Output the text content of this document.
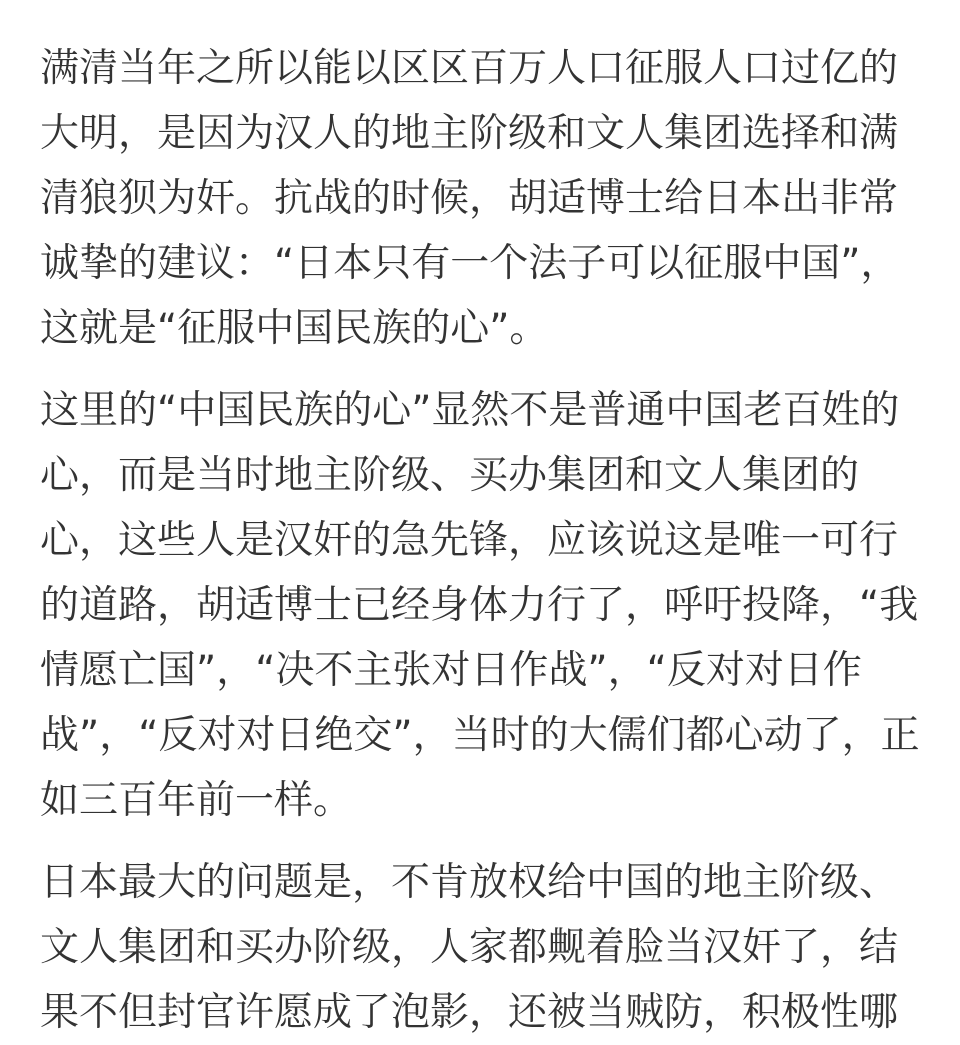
满清当年之所以能以区区百万人口征服人口过亿的
大明，是因为汉人的地主阶级和文人集团选择和满
清狼狈为奸。抗战的时候，胡适博士给日本出非常
诚挚的建议：“日本只有一个法子可以征服中国”，
这就是“征服中国民族的心”。
这里的“中国民族的心”显然不是普通中国老百姓的
心，而是当时地主阶级、买办集团和文人集团的
心，这些人是汉奸的急先锋，应该说这是唯一可行
的道路，胡适博士已经身体力行了，呼吁投降，“我
情愿亡国”，“决不主张对日作战”，“反对对日作
战”，“反对对日绝交”，当时的大儒们都心动了，正
如三百年前一样。
日本最大的问题是，不肯放权给中国的地主阶级、
文人集团和买办阶级，人家都觍着脸当汉奸了，结
果不但封官许愿成了泡影，还被当贼防，积极性哪
